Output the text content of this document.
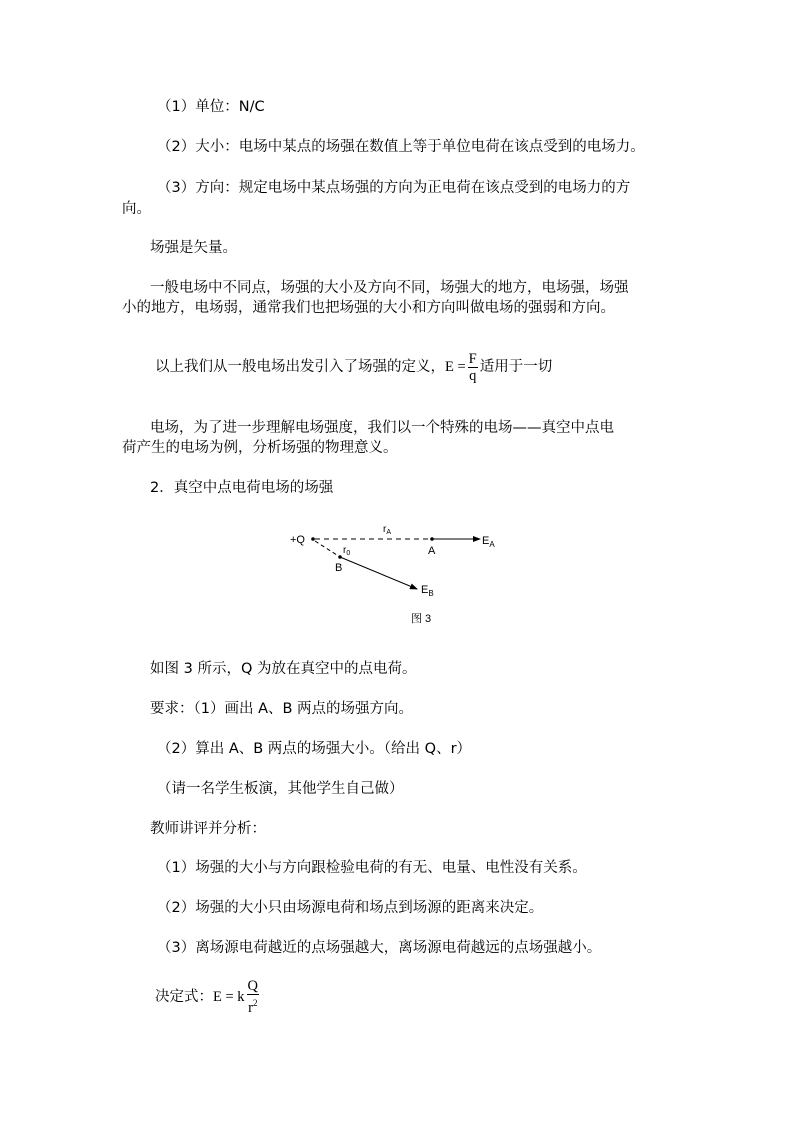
（1）单位：N/C
（2）大小：电场中某点的场强在数值上等于单位电荷在该点受到的电场力。
（3）方向：规定电场中某点场强的方向为正电荷在该点受到的电场力的方
向。
场强是矢量。
一般电场中不同点，场强的大小及方向不同，场强大的地方，电场强，场强
小的地方，电场弱，通常我们也把场强的大小和方向叫做电场的强弱和方向。
以上我们从一般电场出发引入了场强的定义，$E = \frac{F}{q}$ 适用于一切
电场，为了进一步理解电场强度，我们以一个特殊的电场——真空中点电
荷产生的电场为例，分析场强的物理意义。
2．真空中点电荷电场的场强
+Q
A
$r_A$
$E_A$
$r_0$
B
$E_B$
图 3
如图 3 所示，Q 为放在真空中的点电荷。
要求：（1）画出 A、B 两点的场强方向。
（2）算出 A、B 两点的场强大小。（给出 Q、r）
（请一名学生板演，其他学生自己做）
教师讲评并分析：
（1）场强的大小与方向跟检验电荷的有无、电量、电性没有关系。
（2）场强的大小只由场源电荷和场点到场源的距离来决定。
（3）离场源电荷越近的点场强越大，离场源电荷越远的点场强越小。
决定式：E = k $\frac{Q}{r^2}$
